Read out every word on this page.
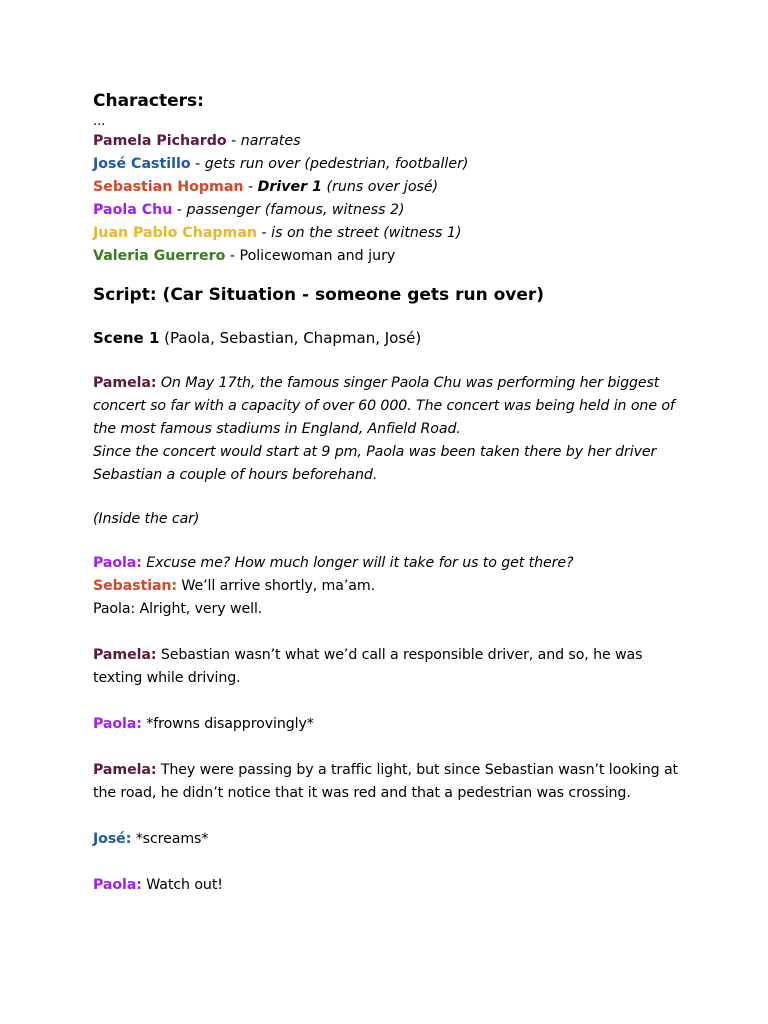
Characters:
...
Pamela Pichardo - narrates
José Castillo - gets run over (pedestrian, footballer)
Sebastian Hopman - Driver 1 (runs over josé)
Paola Chu - passenger (famous, witness 2)
Juan Pablo Chapman - is on the street (witness 1)
Valeria Guerrero - Policewoman and jury
Script: (Car Situation - someone gets run over)
Scene 1 (Paola, Sebastian, Chapman, José)

Pamela: On May 17th, the famous singer Paola Chu was performing her biggest concert so far with a capacity of over 60 000. The concert was being held in one of the most famous stadiums in England, Anfield Road.

Since the concert would start at 9 pm, Paola was been taken there by her driver Sebastian a couple of hours beforehand.

(Inside the car)

Paola: Excuse me? How much longer will it take for us to get there?

Sebastian: We’ll arrive shortly, ma’am.

Paola: Alright, very well.

Pamela: Sebastian wasn’t what we’d call a responsible driver, and so, he was texting while driving.

Paola: *frowns disapprovingly*

Pamela: They were passing by a traffic light, but since Sebastian wasn’t looking at the road, he didn’t notice that it was red and that a pedestrian was crossing.

José: *screams*

Paola: Watch out!
